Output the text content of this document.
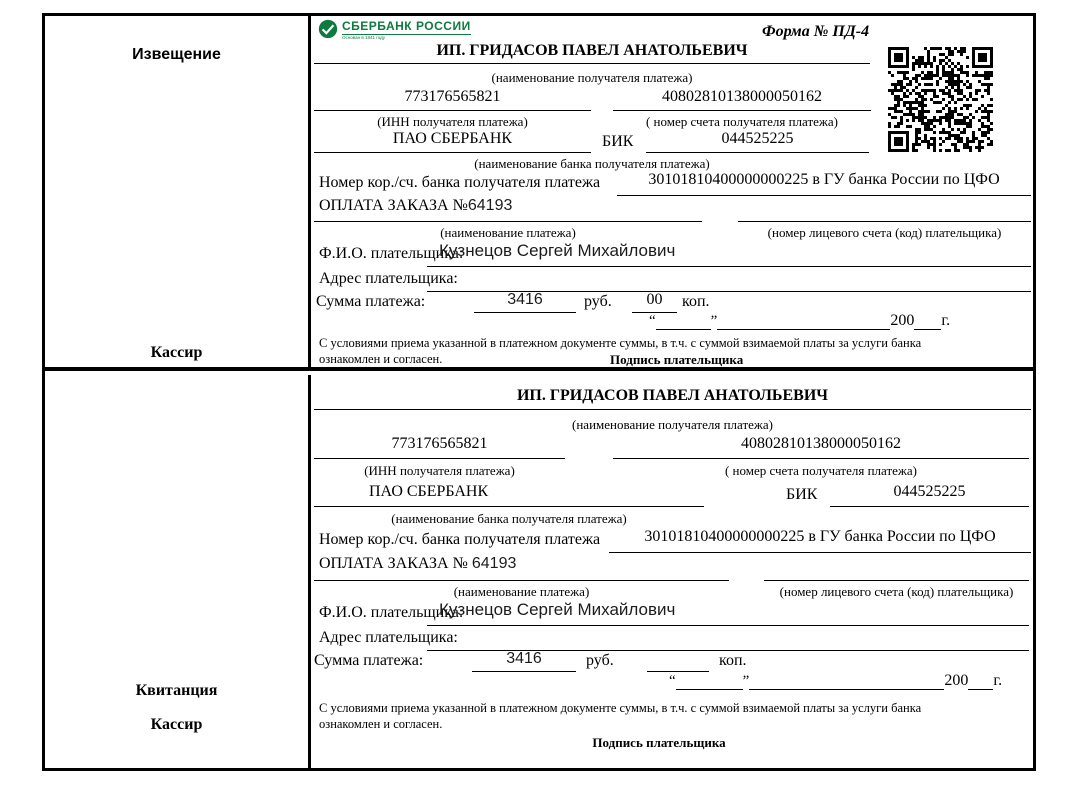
Извещение
Кассир
СБЕРБАНК РОССИИ
Основан в 1841 году	Форма № ПД-4
ИП. ГРИДАСОВ ПАВЕЛ АНАТОЛЬЕВИЧ
(наименование получателя платежа)
773176565821	40802810138000050162
(ИНН получателя платежа)	( номер счета получателя платежа)
ПАО СБЕРБАНК	БИК	044525225
(наименование банка получателя платежа)
Номер кор./сч. банка получателя платежа	30101810400000000225 в ГУ банка России по ЦФО
ОПЛАТА ЗАКАЗА №64193
(наименование платежа)	(номер лицевого счета (код) плательщика)
Ф.И.О. плательщика:
Кузнецов Сергей Михайлович
Адрес плательщика:
Сумма платежа:	3416	руб.	00	коп.
“	”	200 г.
С условиями приема указанной в платежном документе суммы, в т.ч. с суммой взимаемой платы за услуги банка
ознакомлен и согласен.	Подпись плательщика
Квитанция
Кассир
ИП. ГРИДАСОВ ПАВЕЛ АНАТОЛЬЕВИЧ
(наименование получателя платежа)
773176565821	40802810138000050162
(ИНН получателя платежа)	( номер счета получателя платежа)
ПАО СБЕРБАНК	БИК	044525225
(наименование банка получателя платежа)
Номер кор./сч. банка получателя платежа	30101810400000000225 в ГУ банка России по ЦФО
ОПЛАТА ЗАКАЗА № 64193
(наименование платежа)	(номер лицевого счета (код) плательщика)
Ф.И.О. плательщика:
Кузнецов Сергей Михайлович
Адрес плательщика:
Сумма платежа:	3416	руб.	коп.
“	”	200 г.
С условиями приема указанной в платежном документе суммы, в т.ч. с суммой взимаемой платы за услуги банка
ознакомлен и согласен.
Подпись плательщика
